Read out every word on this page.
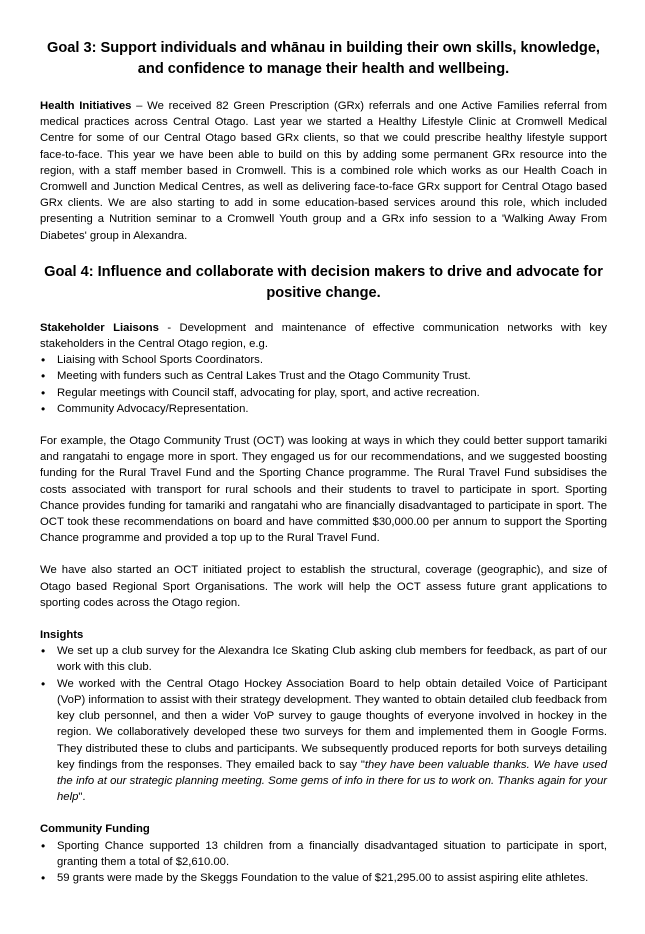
Goal 3: Support individuals and whānau in building their own skills, knowledge,
and confidence to manage their health and wellbeing.

Health Initiatives – We received 82 Green Prescription (GRx) referrals and one Active Families referral from medical practices across Central Otago. Last year we started a Healthy Lifestyle Clinic at Cromwell Medical Centre for some of our Central Otago based GRx clients, so that we could prescribe healthy lifestyle support face-to-face. This year we have been able to build on this by adding some permanent GRx resource into the region, with a staff member based in Cromwell. This is a combined role which works as our Health Coach in Cromwell and Junction Medical Centres, as well as delivering face-to-face GRx support for Central Otago based GRx clients. We are also starting to add in some education-based services around this role, which included presenting a Nutrition seminar to a Cromwell Youth group and a GRx info session to a 'Walking Away From Diabetes' group in Alexandra.

Goal 4: Influence and collaborate with decision makers to drive and advocate for
positive change.

Stakeholder Liaisons - Development and maintenance of effective communication networks with key stakeholders in the Central Otago region, e.g.

• Liaising with School Sports Coordinators.
• Meeting with funders such as Central Lakes Trust and the Otago Community Trust.
• Regular meetings with Council staff, advocating for play, sport, and active recreation.
• Community Advocacy/Representation.

For example, the Otago Community Trust (OCT) was looking at ways in which they could better support tamariki and rangatahi to engage more in sport. They engaged us for our recommendations, and we suggested boosting funding for the Rural Travel Fund and the Sporting Chance programme. The Rural Travel Fund subsidises the costs associated with transport for rural schools and their students to travel to participate in sport. Sporting Chance provides funding for tamariki and rangatahi who are financially disadvantaged to participate in sport. The OCT took these recommendations on board and have committed $30,000.00 per annum to support the Sporting Chance programme and provided a top up to the Rural Travel Fund.

We have also started an OCT initiated project to establish the structural, coverage (geographic), and size of Otago based Regional Sport Organisations. The work will help the OCT assess future grant applications to sporting codes across the Otago region.

Insights
• We set up a club survey for the Alexandra Ice Skating Club asking club members for feedback, as part of our work with this club.
• We worked with the Central Otago Hockey Association Board to help obtain detailed Voice of Participant (VoP) information to assist with their strategy development. They wanted to obtain detailed club feedback from key club personnel, and then a wider VoP survey to gauge thoughts of everyone involved in hockey in the region. We collaboratively developed these two surveys for them and implemented them in Google Forms. They distributed these to clubs and participants. We subsequently produced reports for both surveys detailing key findings from the responses. They emailed back to say "they have been valuable thanks. We have used the info at our strategic planning meeting. Some gems of info in there for us to work on. Thanks again for your help".
Community Funding
• Sporting Chance supported 13 children from a financially disadvantaged situation to participate in sport, granting them a total of $2,610.00.
• 59 grants were made by the Skeggs Foundation to the value of $21,295.00 to assist aspiring elite athletes.
